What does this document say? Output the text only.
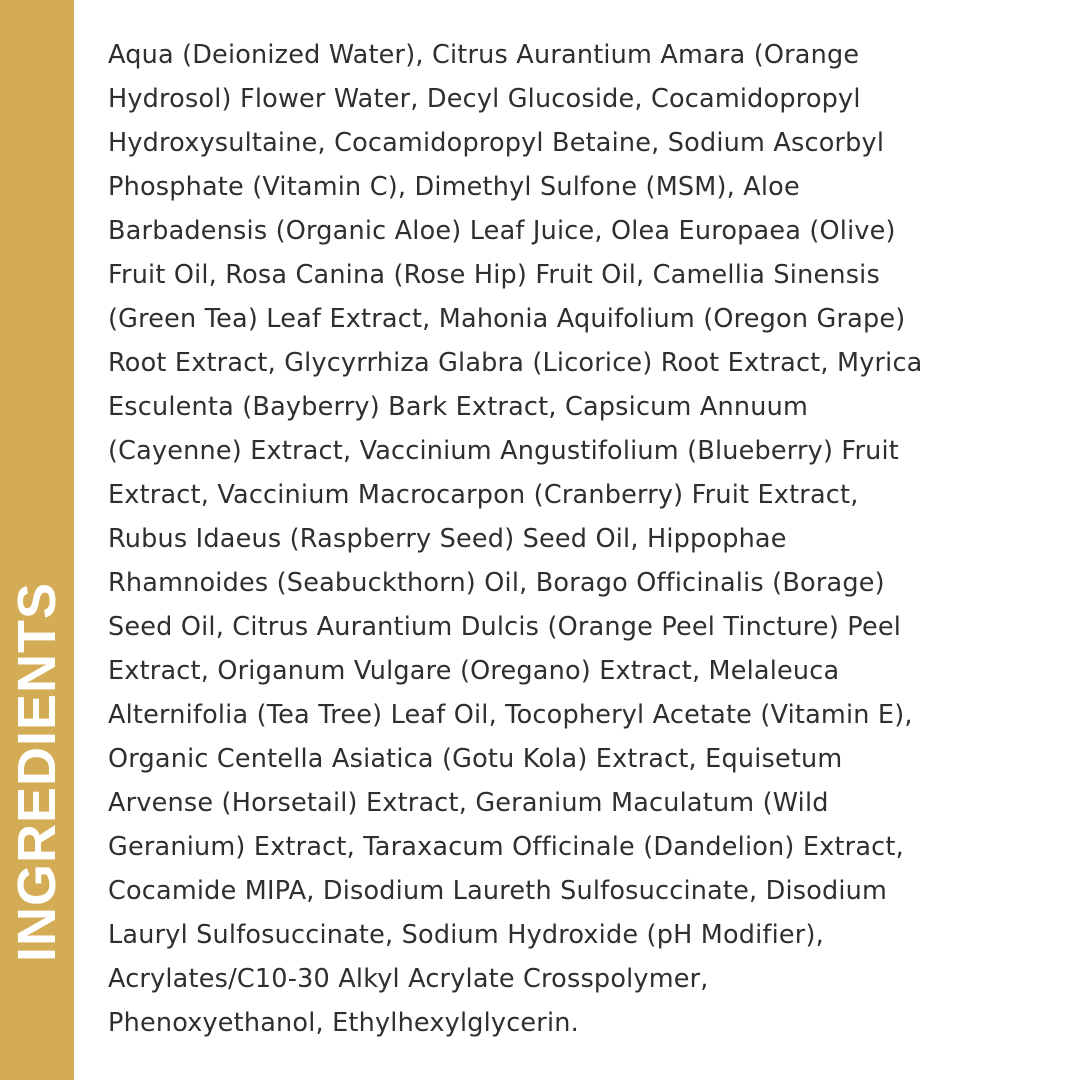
INGREDIENTS
Aqua (Deionized Water), Citrus Aurantium Amara (Orange
Hydrosol) Flower Water, Decyl Glucoside, Cocamidopropyl
Hydroxysultaine, Cocamidopropyl Betaine, Sodium Ascorbyl
Phosphate (Vitamin C), Dimethyl Sulfone (MSM), Aloe
Barbadensis (Organic Aloe) Leaf Juice, Olea Europaea (Olive)
Fruit Oil, Rosa Canina (Rose Hip) Fruit Oil, Camellia Sinensis
(Green Tea) Leaf Extract, Mahonia Aquifolium (Oregon Grape)
Root Extract, Glycyrrhiza Glabra (Licorice) Root Extract, Myrica
Esculenta (Bayberry) Bark Extract, Capsicum Annuum
(Cayenne) Extract, Vaccinium Angustifolium (Blueberry) Fruit
Extract, Vaccinium Macrocarpon (Cranberry) Fruit Extract,
Rubus Idaeus (Raspberry Seed) Seed Oil, Hippophae
Rhamnoides (Seabuckthorn) Oil, Borago Officinalis (Borage)
Seed Oil, Citrus Aurantium Dulcis (Orange Peel Tincture) Peel
Extract, Origanum Vulgare (Oregano) Extract, Melaleuca
Alternifolia (Tea Tree) Leaf Oil, Tocopheryl Acetate (Vitamin E),
Organic Centella Asiatica (Gotu Kola) Extract, Equisetum
Arvense (Horsetail) Extract, Geranium Maculatum (Wild
Geranium) Extract, Taraxacum Officinale (Dandelion) Extract,
Cocamide MIPA, Disodium Laureth Sulfosuccinate, Disodium
Lauryl Sulfosuccinate, Sodium Hydroxide (pH Modifier),
Acrylates/C10-30 Alkyl Acrylate Crosspolymer,
Phenoxyethanol, Ethylhexylglycerin.
